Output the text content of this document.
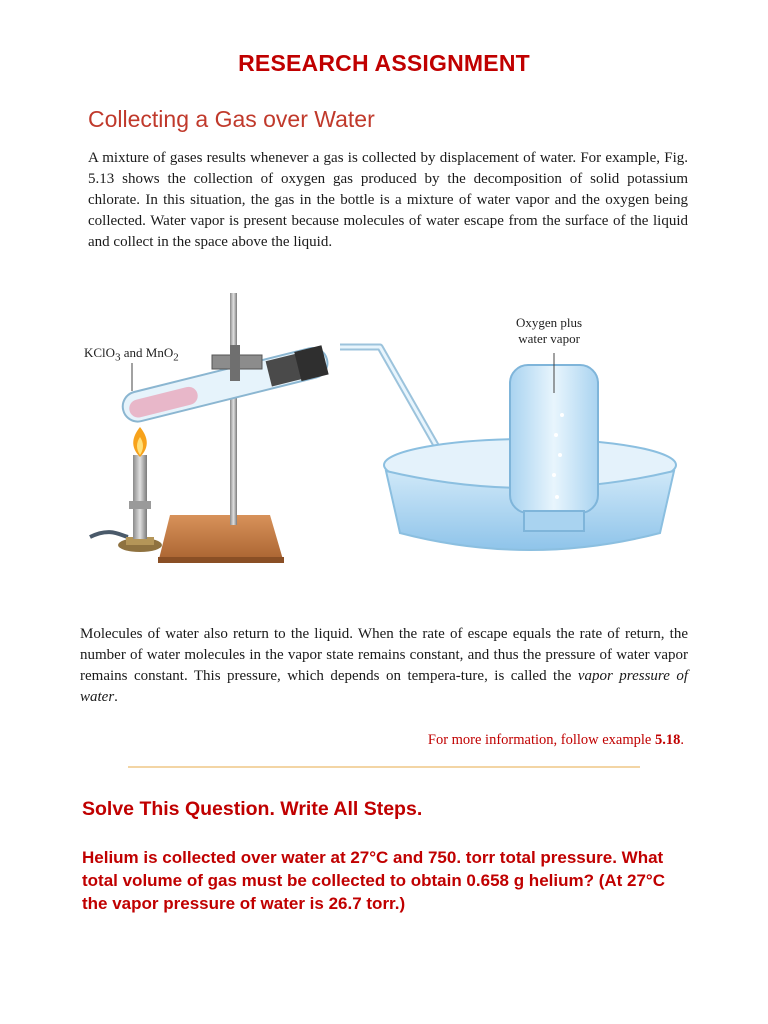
RESEARCH ASSIGNMENT
Collecting a Gas over Water
A mixture of gases results whenever a gas is collected by displacement of water. For example, Fig. 5.13 shows the collection of oxygen gas produced by the decomposition of solid potassium chlorate. In this situation, the gas in the bottle is a mixture of water vapor and the oxygen being collected. Water vapor is present because molecules of water escape from the surface of the liquid and collect in the space above the liquid.
KClO$_3$ and MnO$_2$
Oxygen plus
water vapor
Molecules of water also return to the liquid. When the rate of escape equals the rate of return, the number of water molecules in the vapor state remains constant, and thus the pressure of water vapor remains constant. This pressure, which depends on tempera-ture, is called the vapor pressure of water.
For more information, follow example 5.18.
Solve This Question. Write All Steps.
Helium is collected over water at 27°C and 750. torr total pressure. What total volume of gas must be collected to obtain 0.658 g helium? (At 27°C the vapor pressure of water is 26.7 torr.)
